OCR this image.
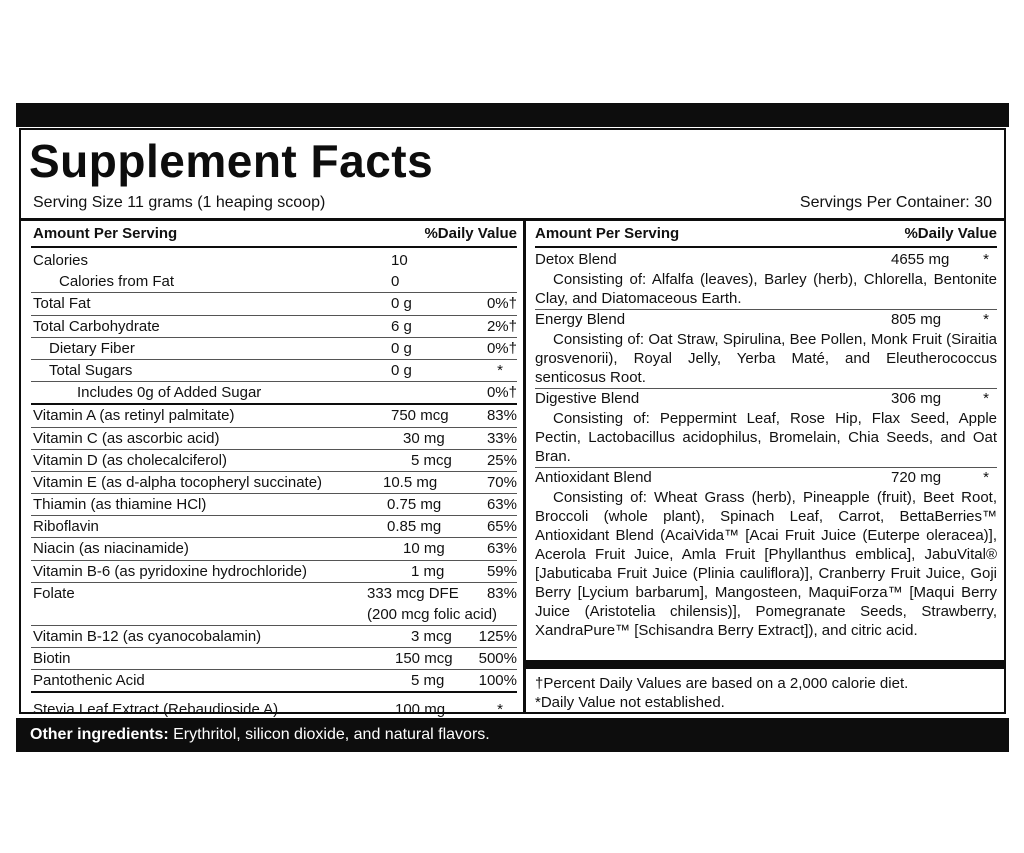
Supplement Facts
Serving Size 11 grams (1 heaping scoop)	Servings Per Container: 30
Amount Per Serving	%Daily Value
Calories	10
Calories from Fat	0
Total Fat	0 g	0%†
Total Carbohydrate	6 g	2%†
Dietary Fiber	0 g	0%†
Total Sugars	0 g	*
Includes 0g of Added Sugar	0%†
Vitamin A (as retinyl palmitate)	750 mcg	83%
Vitamin C (as ascorbic acid)	30 mg	33%
Vitamin D (as cholecalciferol)	5 mcg 25%
Vitamin E (as d-alpha tocopheryl succinate)	10.5 mg	70%
Thiamin (as thiamine HCl)	0.75 mg	63%
Riboflavin	0.85 mg	65%
Niacin (as niacinamide)	10 mg	63%
Vitamin B-6 (as pyridoxine hydrochloride)	1 mg	59%
Folate	333 mcg DFE 83%
(200 mcg folic acid)
Vitamin B-12 (as cyanocobalamin)	3 mcg 125%
Biotin	150 mcg 500%
Pantothenic Acid	5 mg 100%
Stevia Leaf Extract (Rebaudioside A)	100 mg	*
Amount Per Serving	%Daily Value
Detox Blend	4655 mg *
Consisting of: Alfalfa (leaves), Barley (herb), Chlorella, Bentonite Clay, and Diatomaceous Earth.
Energy Blend	805 mg	*
Consisting of: Oat Straw, Spirulina, Bee Pollen, Monk Fruit (Siraitia grosvenorii), Royal Jelly, Yerba Maté, and Eleutherococcus senticosus Root.
Digestive Blend	306 mg	*
Consisting of: Peppermint Leaf, Rose Hip, Flax Seed, Apple Pectin, Lactobacillus acidophilus, Bromelain, Chia Seeds, and Oat Bran.
Antioxidant Blend	720 mg	*
Consisting of: Wheat Grass (herb), Pineapple (fruit), Beet Root, Broccoli (whole plant), Spinach Leaf, Carrot, BettaBerries™ Antioxidant Blend (AcaiVida™ [Acai Fruit Juice (Euterpe oleracea)], Acerola Fruit Juice, Amla Fruit [Phyllanthus emblica], JabuVital® [Jabuticaba Fruit Juice (Plinia cauliflora)], Cranberry Fruit Juice, Goji Berry [Lycium barbarum], Mangosteen, MaquiForza™ [Maqui Berry Juice (Aristotelia chilensis)], Pomegranate Seeds, Strawberry, XandraPure™ [Schisandra Berry Extract]), and citric acid.
†Percent Daily Values are based on a 2,000 calorie diet.
*Daily Value not established.
Other ingredients: Erythritol, silicon dioxide, and natural flavors.
